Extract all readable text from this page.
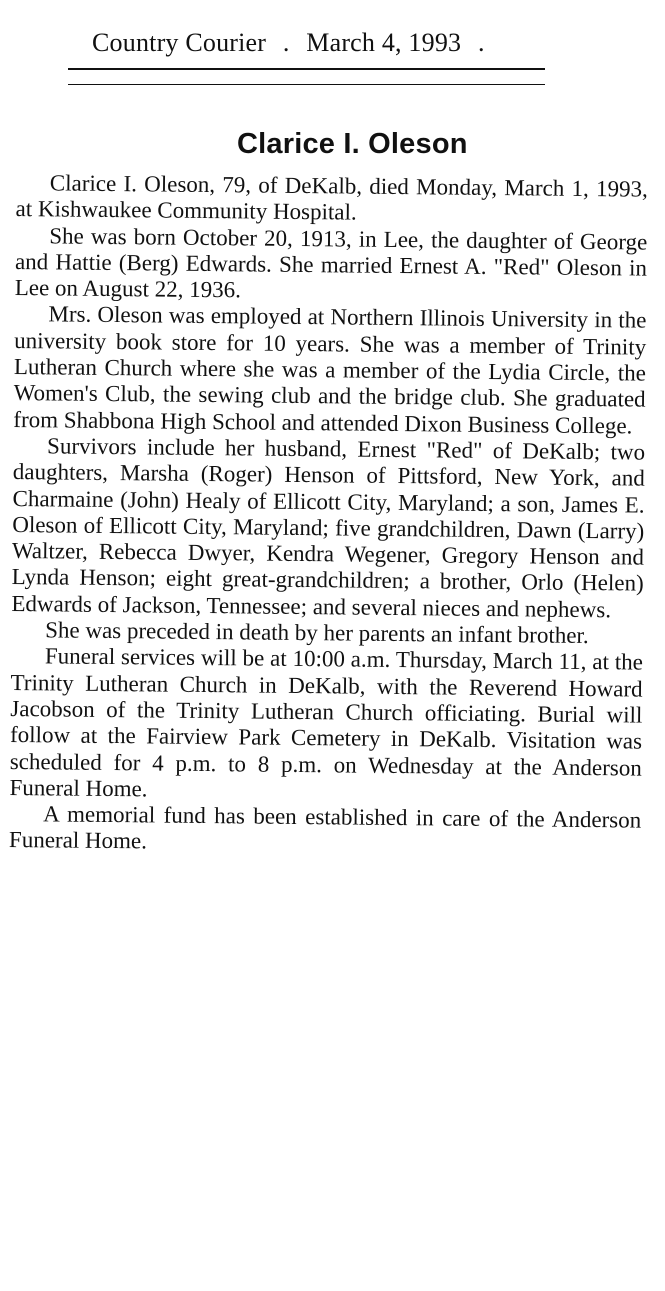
Country Courier . March 4, 1993 .
Clarice I. Oleson

Clarice I. Oleson, 79, of DeKalb, died Monday, March 1, 1993, at Kishwaukee Community Hospital.

She was born October 20, 1913, in Lee, the daughter of George and Hattie (Berg) Edwards. She married Ernest A. "Red" Oleson in Lee on August 22, 1936.

Mrs. Oleson was employed at Northern Illinois University in the university book store for 10 years. She was a member of Trinity Lutheran Church where she was a member of the Lydia Circle, the Women's Club, the sewing club and the bridge club. She graduated from Shabbona High School and attended Dixon Business College.

Survivors include her husband, Ernest "Red" of DeKalb; two daughters, Marsha (Roger) Henson of Pittsford, New York, and Charmaine (John) Healy of Ellicott City, Maryland; a son, James E. Oleson of Ellicott City, Maryland; five grandchildren, Dawn (Larry) Waltzer, Rebecca Dwyer, Kendra Wegener, Gregory Henson and Lynda Henson; eight great-grandchildren; a brother, Orlo (Helen) Edwards of Jackson, Tennessee; and several nieces and nephews.

She was preceded in death by her parents an infant brother.

Funeral services will be at 10:00 a.m. Thursday, March 11, at the Trinity Lutheran Church in DeKalb, with the Reverend Howard Jacobson of the Trinity Lutheran Church officiating. Burial will follow at the Fairview Park Cemetery in DeKalb. Visitation was scheduled for 4 p.m. to 8 p.m. on Wednesday at the Anderson Funeral Home.

A memorial fund has been established in care of the Anderson Funeral Home.
